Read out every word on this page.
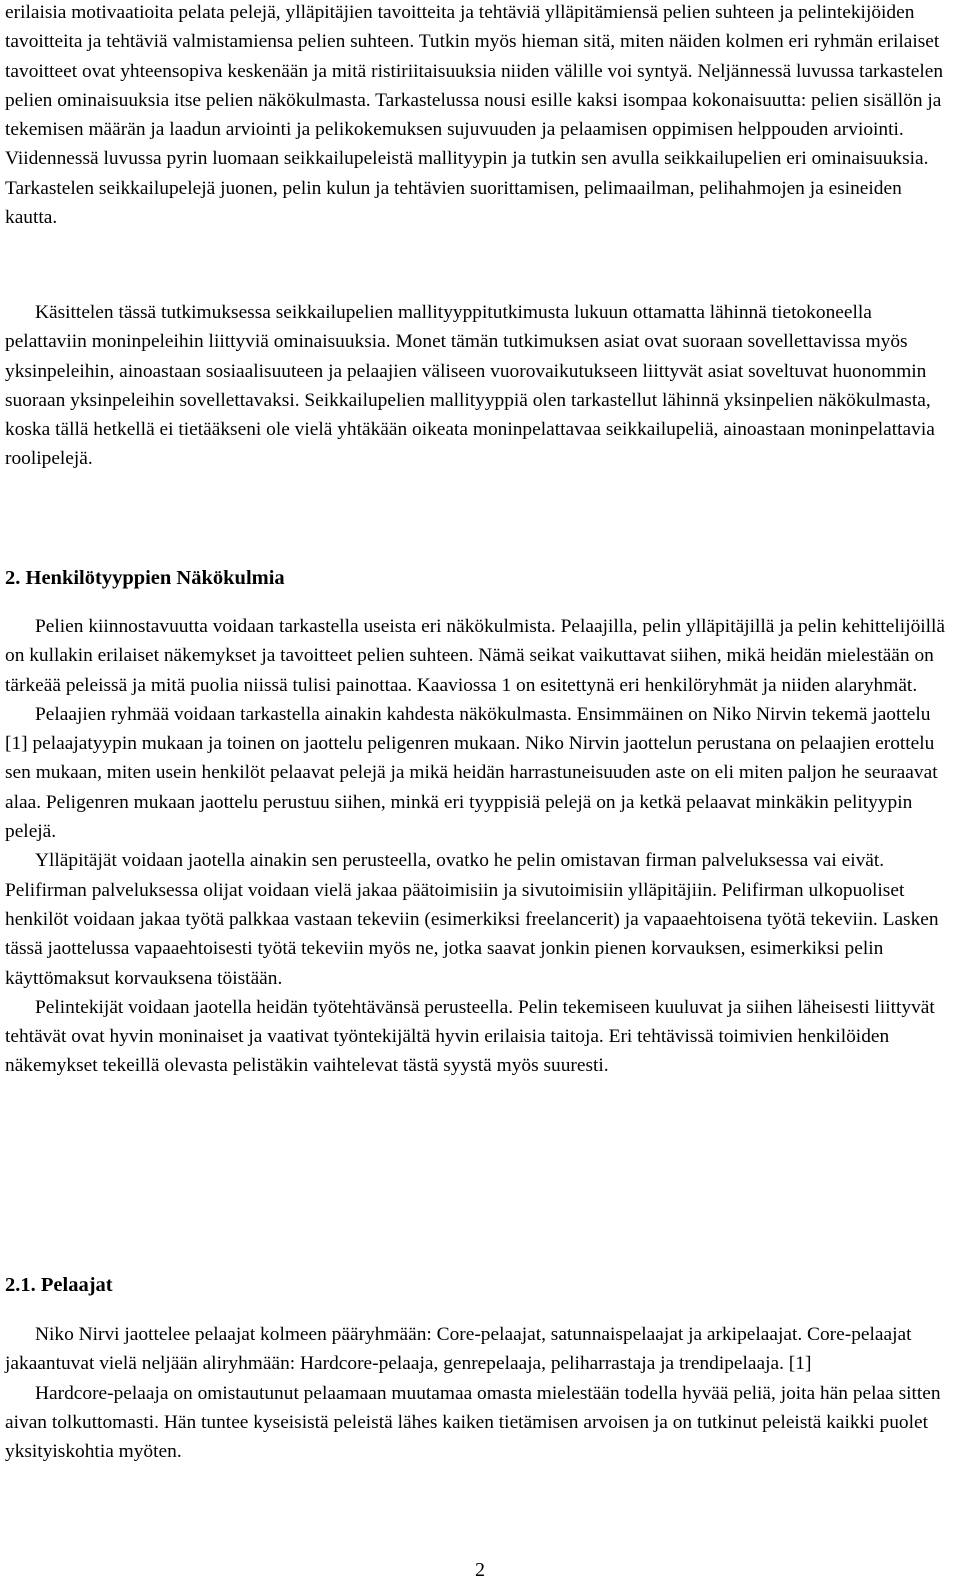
erilaisia motivaatioita pelata pelejä, ylläpitäjien tavoitteita ja tehtäviä ylläpitämiensä pelien suhteen ja pelintekijöiden tavoitteita ja tehtäviä valmistamiensa pelien suhteen. Tutkin myös hieman sitä, miten näiden kolmen eri ryhmän erilaiset tavoitteet ovat yhteensopiva keskenään ja mitä ristiriitaisuuksia niiden välille voi syntyä. Neljännessä luvussa tarkastelen pelien ominaisuuksia itse pelien näkökulmasta. Tarkastelussa nousi esille kaksi isompaa kokonaisuutta: pelien sisällön ja tekemisen määrän ja laadun arviointi ja pelikokemuksen sujuvuuden ja pelaamisen oppimisen helppouden arviointi. Viidennessä luvussa pyrin luomaan seikkailupeleistä mallityypin ja tutkin sen avulla seikkailupelien eri ominaisuuksia. Tarkastelen seikkailupelejä juonen, pelin kulun ja tehtävien suorittamisen, pelimaailman, pelihahmojen ja esineiden kautta.

Käsittelen tässä tutkimuksessa seikkailupelien mallityyppitutkimusta lukuun ottamatta lähinnä tietokoneella pelattaviin moninpeleihin liittyviä ominaisuuksia. Monet tämän tutkimuksen asiat ovat suoraan sovellettavissa myös yksinpeleihin, ainoastaan sosiaalisuuteen ja pelaajien väliseen vuorovaikutukseen liittyvät asiat soveltuvat huonommin suoraan yksinpeleihin sovellettavaksi. Seikkailupelien mallityyppiä olen tarkastellut lähinnä yksinpelien näkökulmasta, koska tällä hetkellä ei tietääkseni ole vielä yhtäkään oikeata moninpelattavaa seikkailupeliä, ainoastaan moninpelattavia roolipelejä.

2. Henkilötyyppien Näkökulmia

Pelien kiinnostavuutta voidaan tarkastella useista eri näkökulmista. Pelaajilla, pelin ylläpitäjillä ja pelin kehittelijöillä on kullakin erilaiset näkemykset ja tavoitteet pelien suhteen. Nämä seikat vaikuttavat siihen, mikä heidän mielestään on tärkeää peleissä ja mitä puolia niissä tulisi painottaa. Kaaviossa 1 on esitettynä eri henkilöryhmät ja niiden alaryhmät.

Pelaajien ryhmää voidaan tarkastella ainakin kahdesta näkökulmasta. Ensimmäinen on Niko Nirvin tekemä jaottelu [1] pelaajatyypin mukaan ja toinen on jaottelu peligenren mukaan. Niko Nirvin jaottelun perustana on pelaajien erottelu sen mukaan, miten usein henkilöt pelaavat pelejä ja mikä heidän harrastuneisuuden aste on eli miten paljon he seuraavat alaa. Peligenren mukaan jaottelu perustuu siihen, minkä eri tyyppisiä pelejä on ja ketkä pelaavat minkäkin pelityypin pelejä.

Ylläpitäjät voidaan jaotella ainakin sen perusteella, ovatko he pelin omistavan firman palveluksessa vai eivät. Pelifirman palveluksessa olijat voidaan vielä jakaa päätoimisiin ja sivutoimisiin ylläpitäjiin. Pelifirman ulkopuoliset henkilöt voidaan jakaa työtä palkkaa vastaan tekeviin (esimerkiksi freelancerit) ja vapaaehtoisena työtä tekeviin. Lasken tässä jaottelussa vapaaehtoisesti työtä tekeviin myös ne, jotka saavat jonkin pienen korvauksen, esimerkiksi pelin käyttömaksut korvauksena töistään.

Pelintekijät voidaan jaotella heidän työtehtävänsä perusteella. Pelin tekemiseen kuuluvat ja siihen läheisesti liittyvät tehtävät ovat hyvin moninaiset ja vaativat työntekijältä hyvin erilaisia taitoja. Eri tehtävissä toimivien henkilöiden näkemykset tekeillä olevasta pelistäkin vaihtelevat tästä syystä myös suuresti.

2.1. Pelaajat

Niko Nirvi jaottelee pelaajat kolmeen pääryhmään: Core-pelaajat, satunnaispelaajat ja arkipelaajat. Core-pelaajat jakaantuvat vielä neljään aliryhmään: Hardcore-pelaaja, genrepelaaja, peliharrastaja ja trendipelaaja. [1]

Hardcore-pelaaja on omistautunut pelaamaan muutamaa omasta mielestään todella hyvää peliä, joita hän pelaa sitten aivan tolkuttomasti. Hän tuntee kyseisistä peleistä lähes kaiken tietämisen arvoisen ja on tutkinut peleistä kaikki puolet yksityiskohtia myöten.

2
